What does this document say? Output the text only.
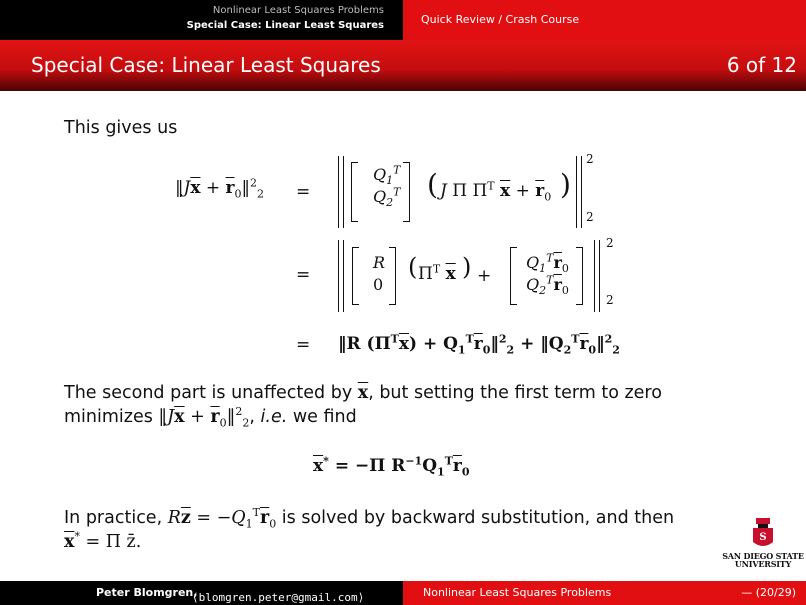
Nonlinear Least Squares Problems
Special Case: Linear Least Squares	Quick Review / Crash Course
Special Case: Linear Least Squares	6 of 12
This gives us
$‖J\overline{x}$ + $\overline{r}_0‖^2_2$ =
$Q_1^T$
$Q_2^T$ ( J Π $\Pi^T$ $\overline{x} + \overline{r}_0$ )
2
2
=
R
0
( $\Pi^T$ $\overline{x}$ ) +
$Q_1^T\overline{r}_0$
$Q_2^T\overline{r}_0$
2
2
= ‖R $(\Pi^T\overline{x})$ + $Q_1^T\overline{r}_0‖^2_2$ + $‖Q_2^T\overline{r}_0‖^2_2$
The second part is unaffected by $\overline{x}$, but setting the first term to zero
minimizes $‖J\overline{x}$ + $\overline{r}_0‖^2_2$, i.e. we find
$\overline{x}^* = -\Pi$ $R^{-1}Q_1^T\overline{r}_0$
In practice, $R\overline{z} = -Q_1^T\overline{r}_0$ is solved by backward substitution, and then
$\overline{x}^* = \Pi$ z̄.	S
SAN DIEGO STATE
UNIVERSITY
Peter Blomgren,
⟨blomgren.peter@gmail.com⟩	Nonlinear Least Squares Problems	— (20/29)
